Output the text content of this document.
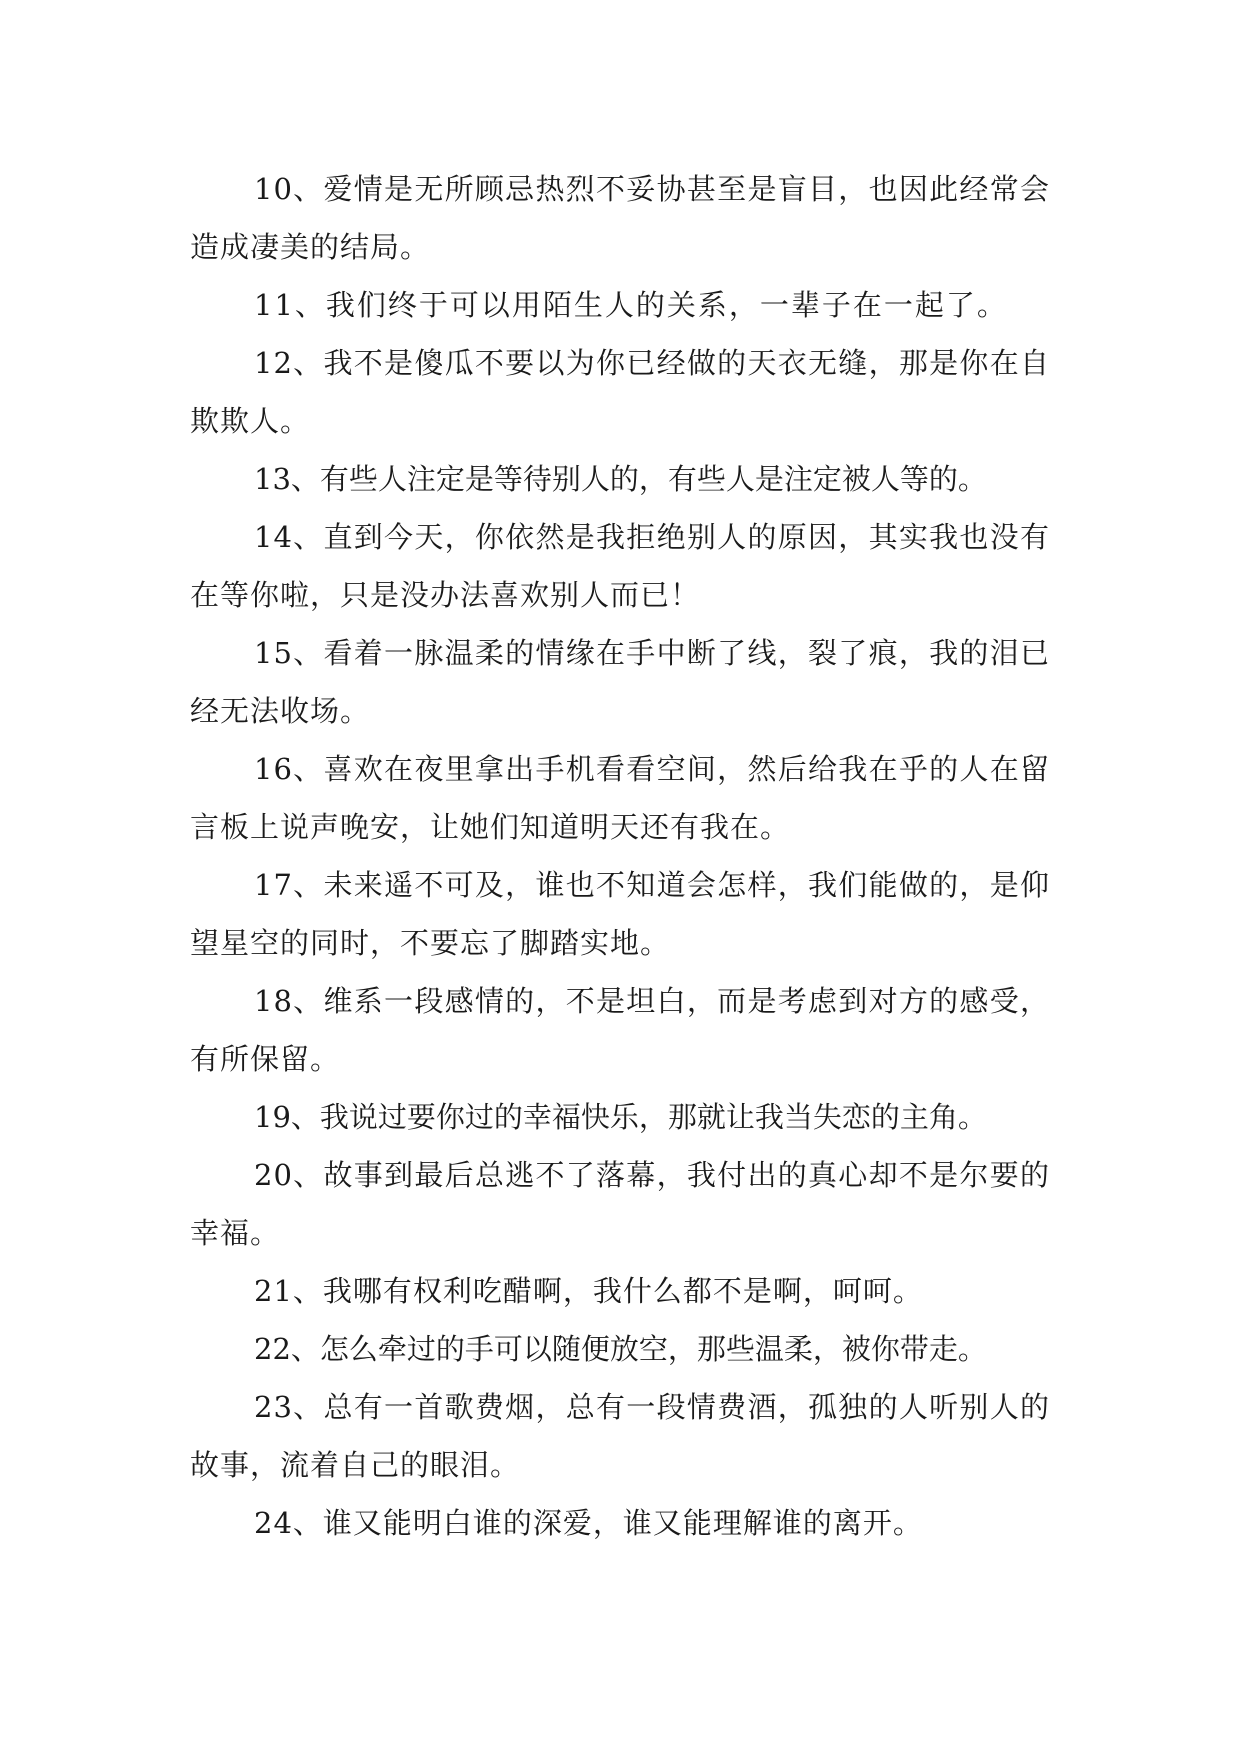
10、爱情是无所顾忌热烈不妥协甚至是盲目，也因此经常会造成凄美的结局。

11、我们终于可以用陌生人的关系，一辈子在一起了。

12、我不是傻瓜不要以为你已经做的天衣无缝，那是你在自欺欺人。

13、有些人注定是等待别人的，有些人是注定被人等的。

14、直到今天，你依然是我拒绝别人的原因，其实我也没有在等你啦，只是没办法喜欢别人而已！

15、看着一脉温柔的情缘在手中断了线，裂了痕，我的泪已经无法收场。

16、喜欢在夜里拿出手机看看空间，然后给我在乎的人在留言板上说声晚安，让她们知道明天还有我在。

17、未来遥不可及，谁也不知道会怎样，我们能做的，是仰望星空的同时，不要忘了脚踏实地。

18、维系一段感情的，不是坦白，而是考虑到对方的感受，有所保留。

19、我说过要你过的幸福快乐，那就让我当失恋的主角。

20、故事到最后总逃不了落幕，我付出的真心却不是尔要的幸福。

21、我哪有权利吃醋啊，我什么都不是啊，呵呵。

22、怎么牵过的手可以随便放空，那些温柔，被你带走。

23、总有一首歌费烟，总有一段情费酒，孤独的人听别人的故事，流着自己的眼泪。

24、谁又能明白谁的深爱，谁又能理解谁的离开。
